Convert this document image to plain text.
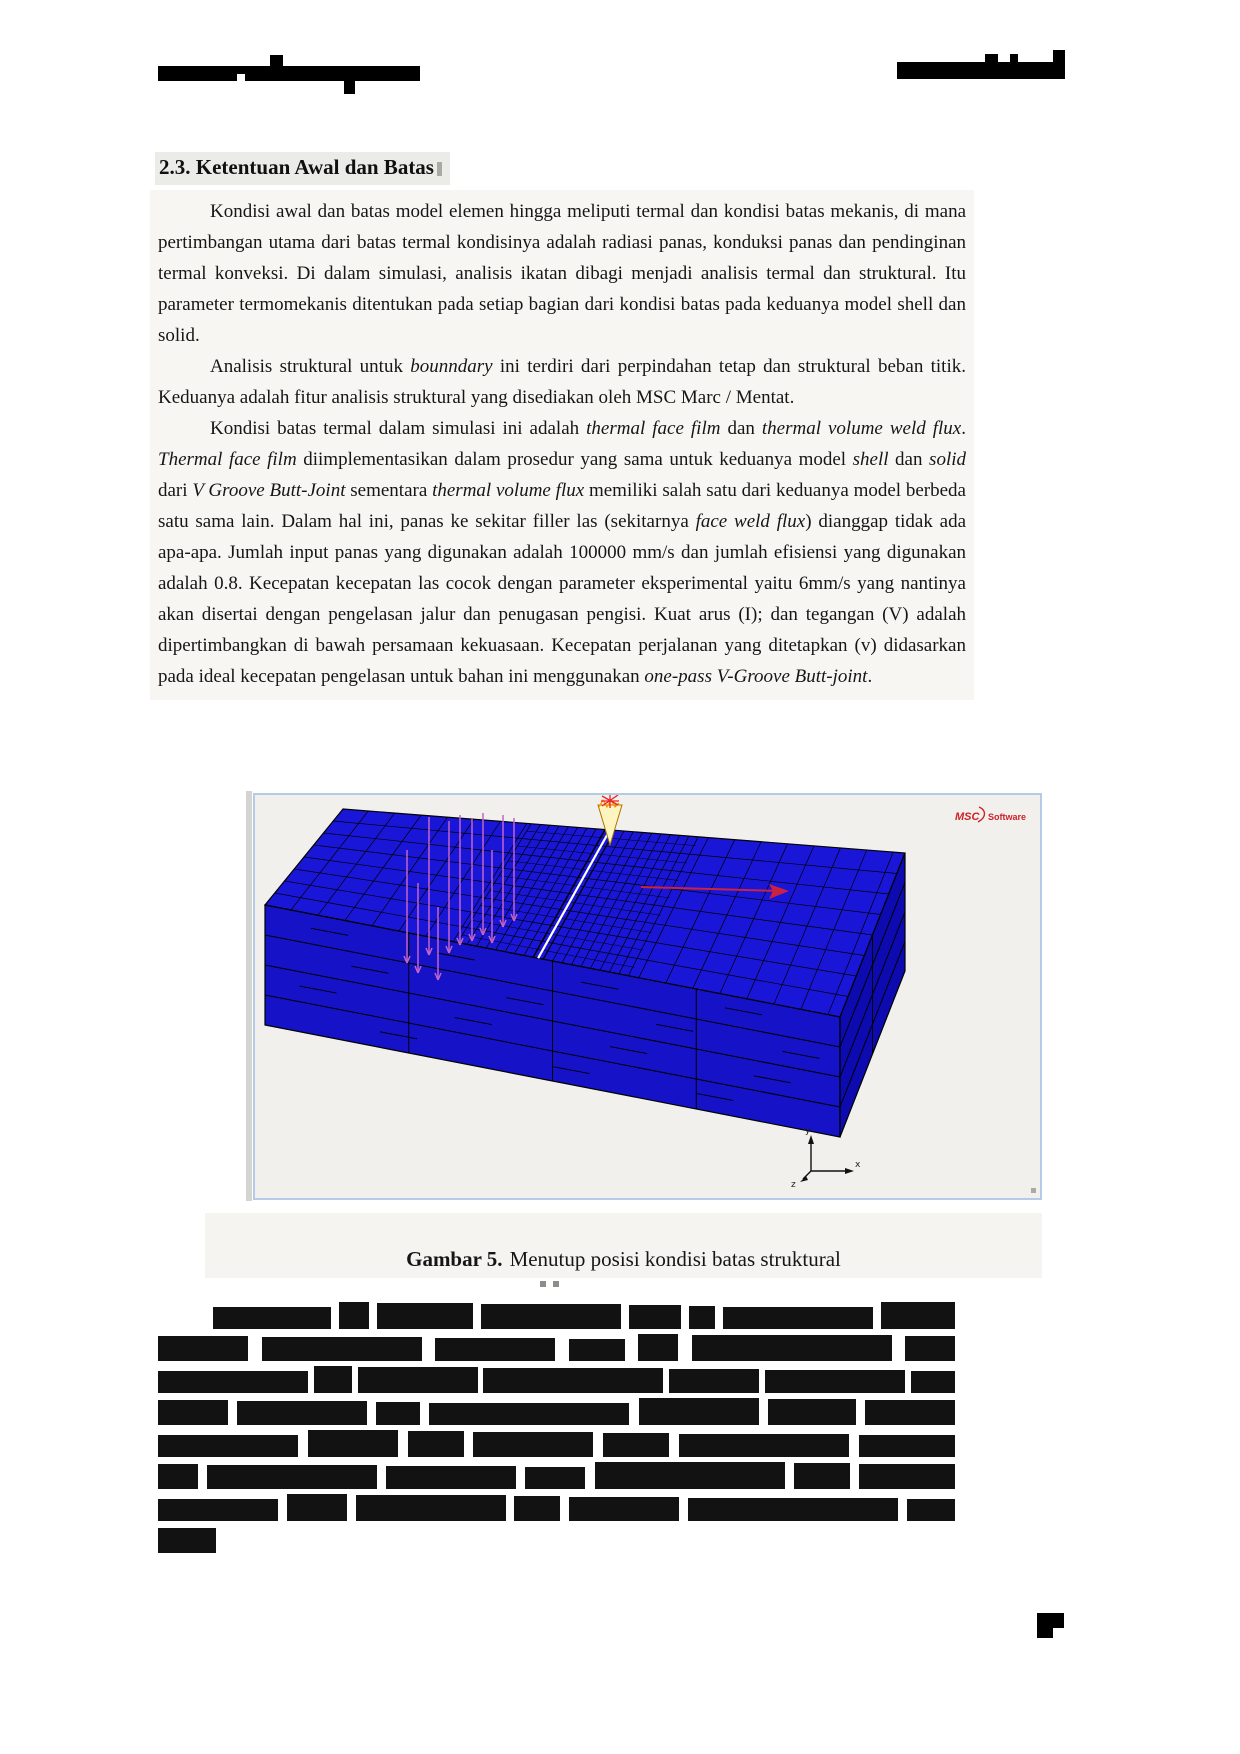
2.3. Ketentuan Awal dan Batas

Kondisi awal dan batas model elemen hingga meliputi termal dan kondisi batas mekanis, di mana pertimbangan utama dari batas termal kondisinya adalah radiasi panas, konduksi panas dan pendinginan termal konveksi. Di dalam simulasi, analisis ikatan dibagi menjadi analisis termal dan struktural. Itu parameter termomekanis ditentukan pada setiap bagian dari kondisi batas pada keduanya model shell dan solid.

Analisis struktural untuk bounndary ini terdiri dari perpindahan tetap dan struktural beban titik. Keduanya adalah fitur analisis struktural yang disediakan oleh MSC Marc / Mentat.

Kondisi batas termal dalam simulasi ini adalah thermal face film dan thermal volume weld flux. Thermal face film diimplementasikan dalam prosedur yang sama untuk keduanya model shell dan solid dari V Groove Butt-Joint sementara thermal volume flux memiliki salah satu dari keduanya model berbeda satu sama lain. Dalam hal ini, panas ke sekitar filler las (sekitarnya face weld flux) dianggap tidak ada apa-apa. Jumlah input panas yang digunakan adalah 100000 mm/s dan jumlah efisiensi yang digunakan adalah 0.8. Kecepatan kecepatan las cocok dengan parameter eksperimental yaitu 6mm/s yang nantinya akan disertai dengan pengelasan jalur dan penugasan pengisi. Kuat arus (I); dan tegangan (V) adalah dipertimbangkan di bawah persamaan kekuasaan. Kecepatan perjalanan yang ditetapkan (v) didasarkan pada ideal kecepatan pengelasan untuk bahan ini menggunakan one-pass V-Groove Butt-joint.

MSC Software
y
x
z
Gambar 5. Menutup posisi kondisi batas struktural
